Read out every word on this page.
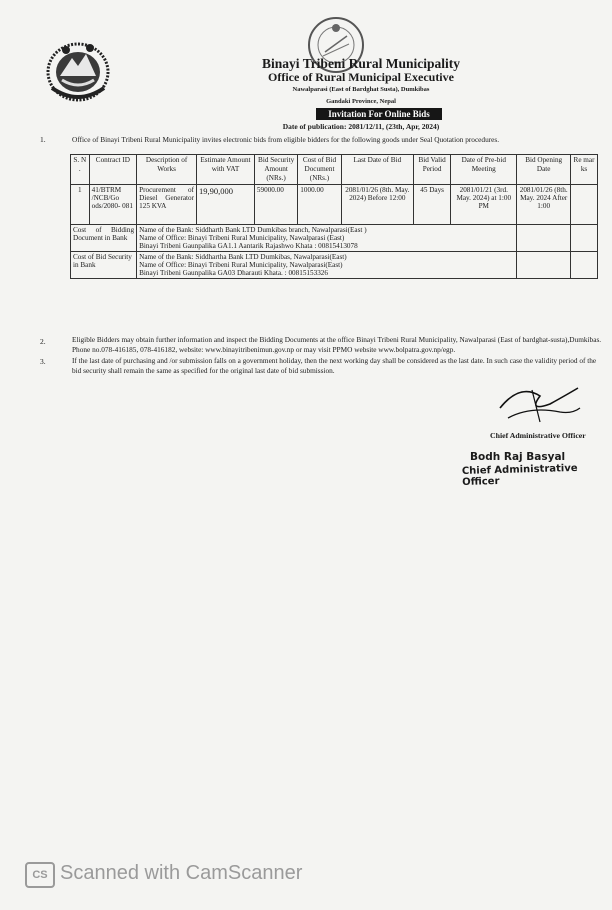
Binayi Tribeni Rural Municipality
Office of Rural Municipal Executive
Nawalparasi (East of Bardghat Susta), Dumkibas
Gandaki Province, Nepal
Invitation For Online Bids
Date of publication: 2081/12/11, (23th, Apr, 2024)
1.	Office of Binayi Tribeni Rural Municipality invites electronic bids from eligible bidders for the following goods under Seal Quotation procedures.
S. N .	Contract ID	Description of Works	Estimate Amount with VAT	Bid Security Amount (NRs.)	Cost of Bid Document (NRs.)	Last Date of Bid	Bid Valid Period	Date of Pre-bid Meeting	Bid Opening Date	Re mar ks
1	41/BTRM /NCB/Go ods/2080- 081	Procurement of Diesel Generator 125 KVA	19,90,000	59000.00	1000.00	2081/01/26 (8th. May. 2024) Before 12:00	45 Days	2081/01/21 (3rd. May. 2024) at 1:00 PM	2081/01/26 (8th. May. 2024 After 1:00	
Cost of Bidding Document in Bank		Name of the Bank: Siddharth Bank LTD Dumkibas branch, Nawalparasi(East )
Name of Office: Binayi Tribeni Rural Municipality, Nawalparasi (East)
Binayi Tribeni Gaunpalika GA1.1 Aantarik Rajashwo Khata : 00815413078								

Cost of Bid Security in Bank		Name of the Bank: Siddhartha Bank LTD Dumkibas, Nawalparasi(East)
Name of Office: Binayi Tribeni Rural Municipality, Nawalparasi(East)
Binayi Tribeni Gaunpalika GA03 Dharauti Khata. : 00815153326								

2.	Eligible Bidders may obtain further information and inspect the Bidding Documents at the office Binayi Tribeni Rural Municipality, Nawalparasi (East of bardghat-susta),Dumkibas. Phone no.078-416185, 078-416182, website: www.binayitribenimun.gov.np or may visit PPMO website www.bolpatra.gov.np/egp.
3.	If the last date of purchasing and /or submission falls on a government holiday, then the next working day shall be considered as the last date. In such case the validity period of the bid security shall remain the same as specified for the original last date of bid submission.
Chief Administrative Officer
Bodh Raj Basyal
Chief Administrative Officer
CS Scanned with CamScanner
